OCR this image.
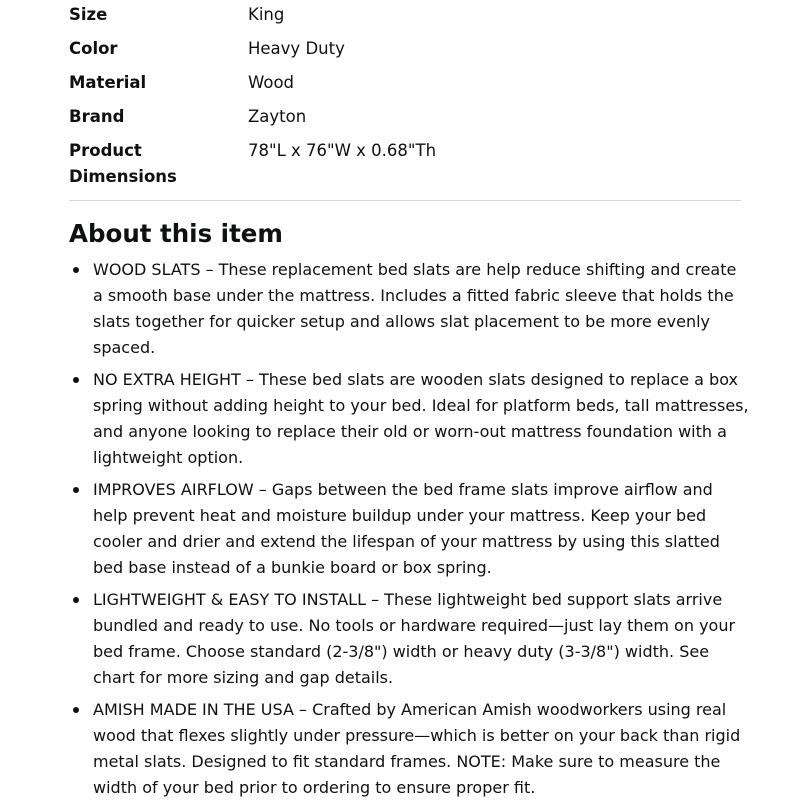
Size	King
Color	Heavy Duty
Material	Wood
Brand	Zayton
Product Dimensions	78"L x 76"W x 0.68"Th
About this item
WOOD SLATS – These replacement bed slats are help reduce shifting and create a smooth base under the mattress. Includes a fitted fabric sleeve that holds the slats together for quicker setup and allows slat placement to be more evenly spaced.
NO EXTRA HEIGHT – These bed slats are wooden slats designed to replace a box spring without adding height to your bed. Ideal for platform beds, tall mattresses, and anyone looking to replace their old or worn-out mattress foundation with a lightweight option.
IMPROVES AIRFLOW – Gaps between the bed frame slats improve airflow and help prevent heat and moisture buildup under your mattress. Keep your bed cooler and drier and extend the lifespan of your mattress by using this slatted bed base instead of a bunkie board or box spring.
LIGHTWEIGHT & EASY TO INSTALL – These lightweight bed support slats arrive bundled and ready to use. No tools or hardware required—just lay them on your bed frame. Choose standard (2-3/8") width or heavy duty (3-3/8") width. See chart for more sizing and gap details.
AMISH MADE IN THE USA – Crafted by American Amish woodworkers using real wood that flexes slightly under pressure—which is better on your back than rigid metal slats. Designed to fit standard frames. NOTE: Make sure to measure the width of your bed prior to ordering to ensure proper fit.
